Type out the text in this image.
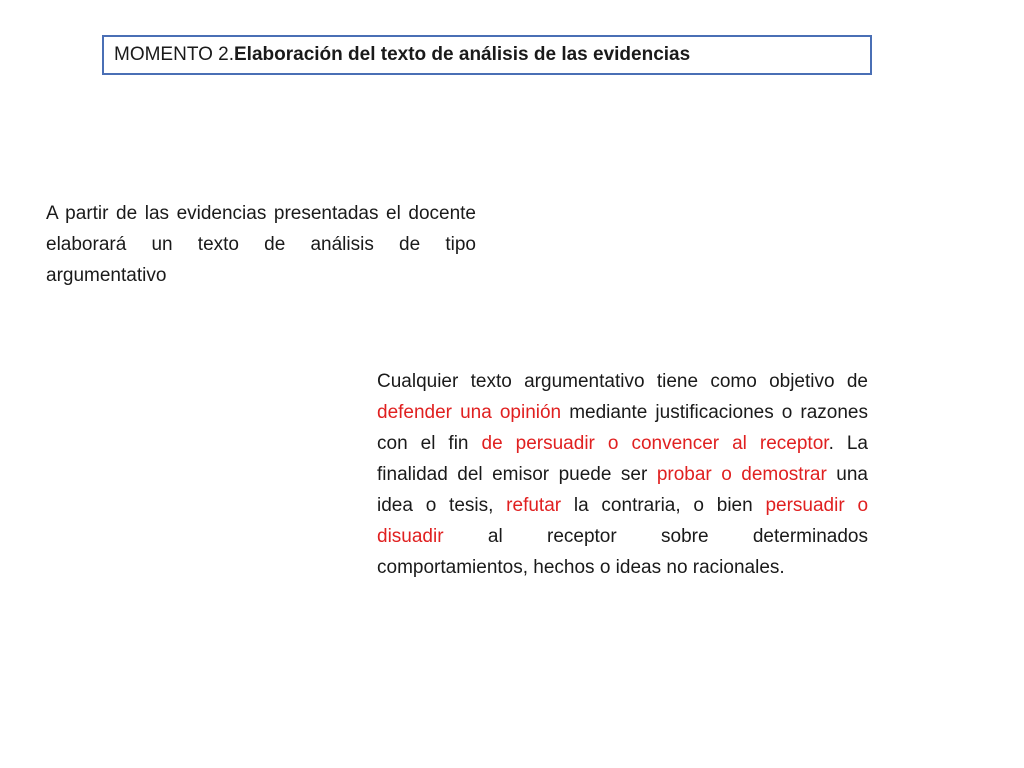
MOMENTO 2. Elaboración del texto de análisis de las evidencias

A partir de las evidencias presentadas el docente elaborará un texto de análisis de tipo argumentativo

Cualquier texto argumentativo tiene como objetivo de defender una opinión mediante justificaciones o razones con el fin de persuadir o convencer al receptor. La finalidad del emisor puede ser probar o demostrar una idea o tesis, refutar la contraria, o bien persuadir o disuadir al receptor sobre determinados comportamientos, hechos o ideas no racionales.
